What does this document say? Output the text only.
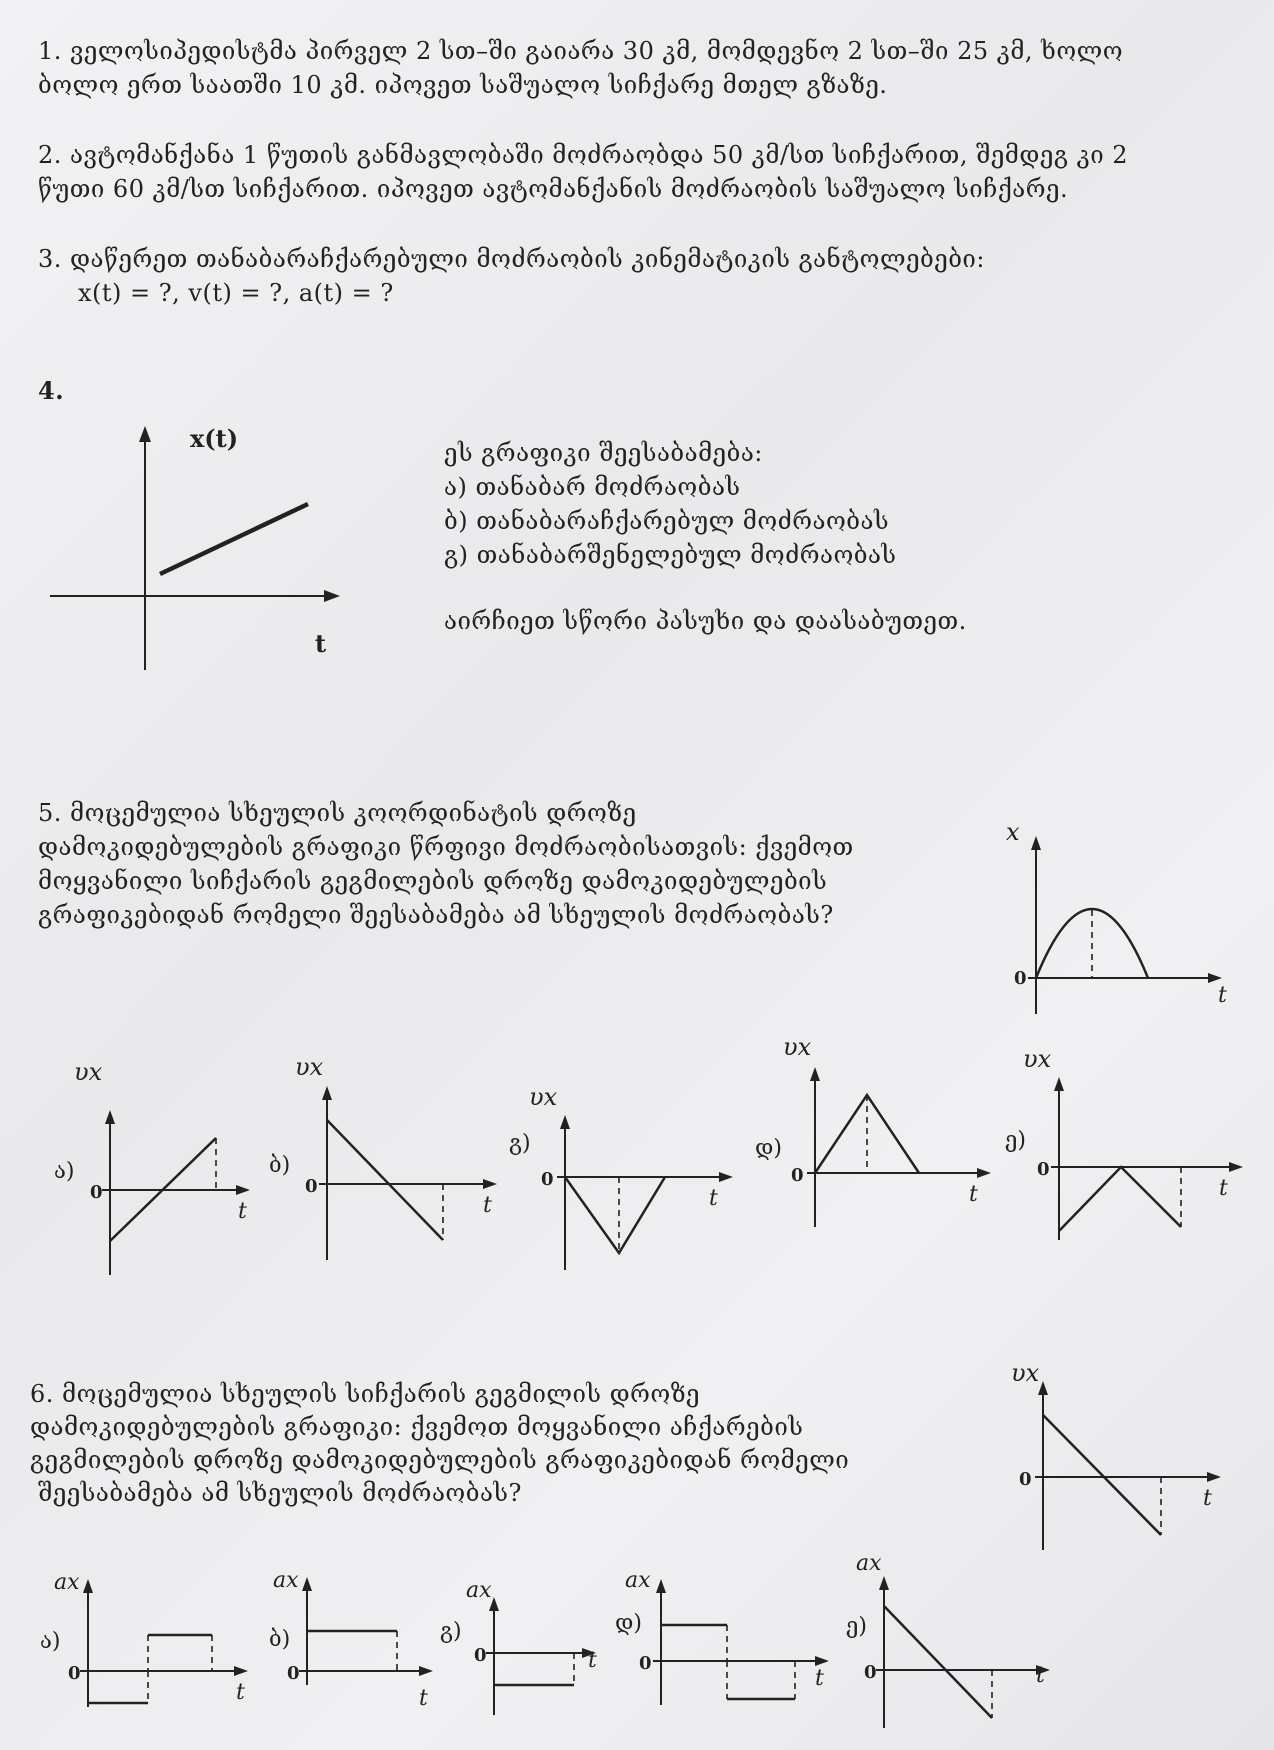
1. ველოსიპედისტმა პირველ 2 სთ–ში გაიარა 30 კმ, მომდევნო 2 სთ–ში 25 კმ, ხოლო
ბოლო ერთ საათში 10 კმ. იპოვეთ საშუალო სიჩქარე მთელ გზაზე.
2. ავტომანქანა 1 წუთის განმავლობაში მოძრაობდა 50 კმ/სთ სიჩქარით, შემდეგ კი 2
წუთი 60 კმ/სთ სიჩქარით. იპოვეთ ავტომანქანის მოძრაობის საშუალო სიჩქარე.
3. დაწერეთ თანაბარაჩქარებული მოძრაობის კინემატიკის განტოლებები:
x(t) = ?, v(t) = ?, a(t) = ?
4.
x(t)
t
ეს გრაფიკი შეესაბამება:
ა) თანაბარ მოძრაობას
ბ) თანაბარაჩქარებულ მოძრაობას
გ) თანაბარშენელებულ მოძრაობას
აირჩიეთ სწორი პასუხი და დაასაბუთეთ.
5. მოცემულია სხეულის კოორდინატის დროზე
დამოკიდებულების გრაფიკი წრფივი მოძრაობისათვის: ქვემოთ
მოყვანილი სიჩქარის გეგმილების დროზე დამოკიდებულების
გრაფიკებიდან რომელი შეესაბამება ამ სხეულის მოძრაობას?
x
0
t
υx
ა)
0
t
υx
ბ)
0
t
υx
გ)
0
t
υx
დ)
0
t
υx
ე)
0
t
6. მოცემულია სხეულის სიჩქარის გეგმილის დროზე
დამოკიდებულების გრაფიკი: ქვემოთ მოყვანილი აჩქარების
გეგმილების დროზე დამოკიდებულების გრაფიკებიდან რომელი
შეესაბამება ამ სხეულის მოძრაობას?
υx
0
t
ax
ა)
0
t
ax
ბ)
0
t
ax
გ)
0	t
ax
დ)
0
t
ax
ე)
0	t
